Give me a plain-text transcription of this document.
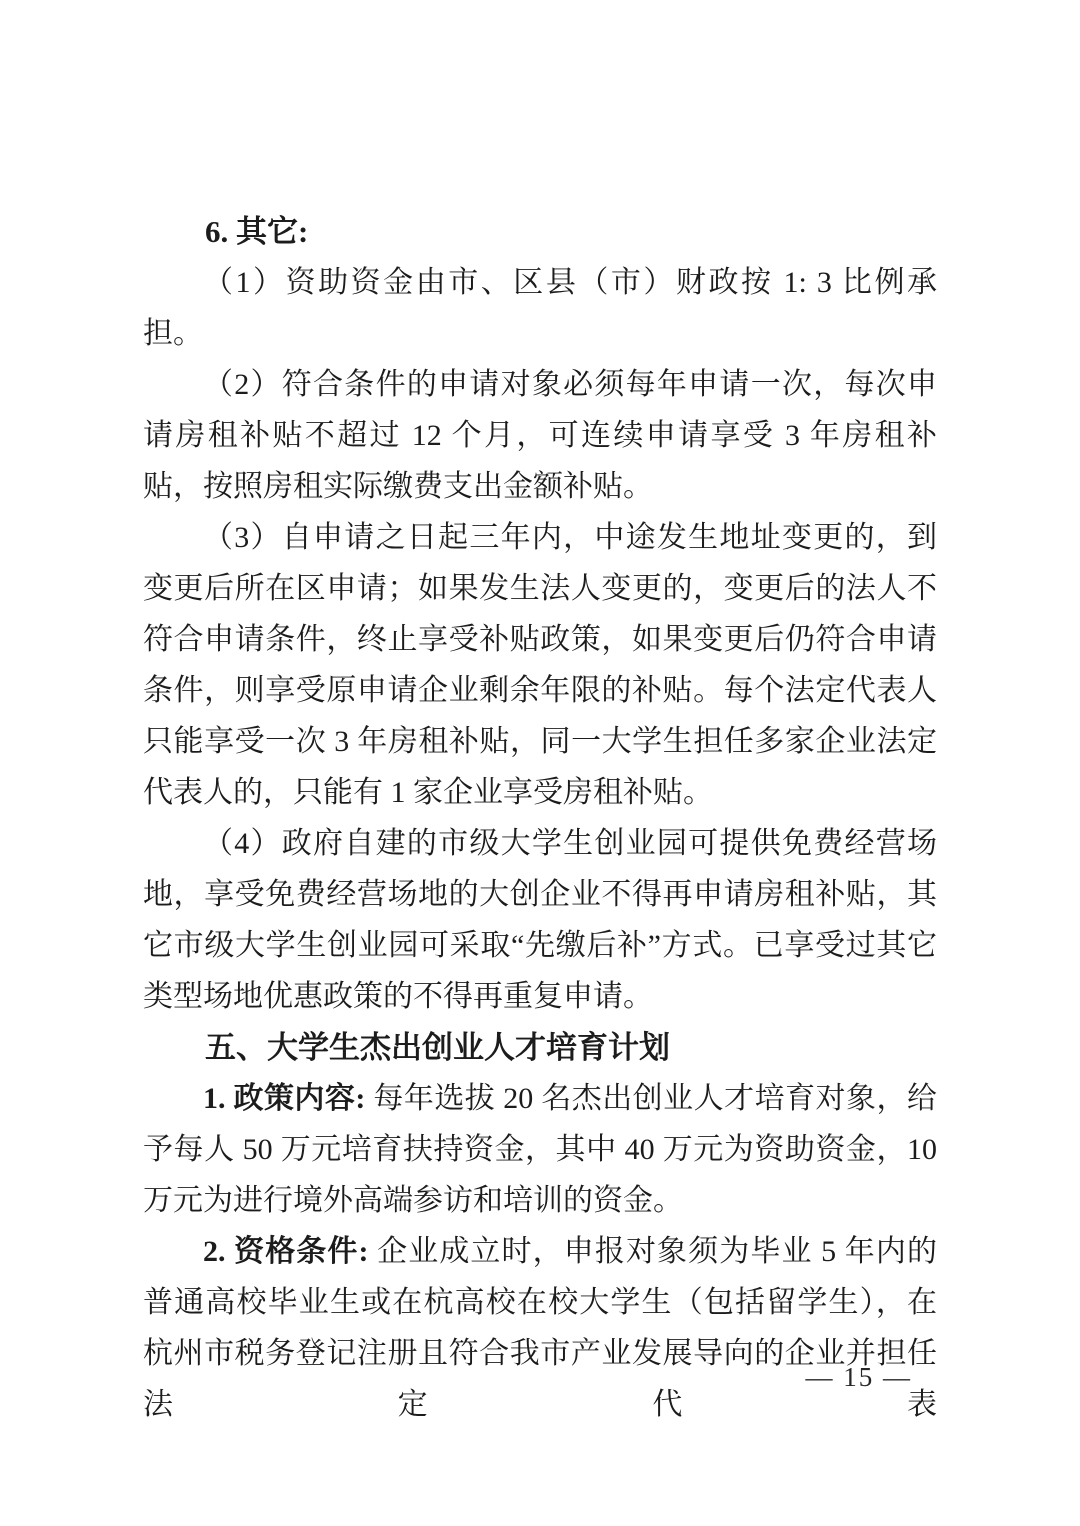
6. 其它:

（1）资助资金由市、区县（市）财政按 1: 3 比例承担。

（2）符合条件的申请对象必须每年申请一次，每次申请房租补贴不超过 12 个月，可连续申请享受 3 年房租补贴，按照房租实际缴费支出金额补贴。

（3）自申请之日起三年内，中途发生地址变更的，到变更后所在区申请；如果发生法人变更的，变更后的法人不符合申请条件，终止享受补贴政策，如果变更后仍符合申请条件，则享受原申请企业剩余年限的补贴。每个法定代表人只能享受一次 3 年房租补贴，同一大学生担任多家企业法定代表人的，只能有 1 家企业享受房租补贴。

（4）政府自建的市级大学生创业园可提供免费经营场地，享受免费经营场地的大创企业不得再申请房租补贴，其它市级大学生创业园可采取“先缴后补”方式。已享受过其它类型场地优惠政策的不得再重复申请。

五、大学生杰出创业人才培育计划

1. 政策内容: 每年选拔 20 名杰出创业人才培育对象，给予每人 50 万元培育扶持资金，其中 40 万元为资助资金，10 万元为进行境外高端参访和培训的资金。

2. 资格条件: 企业成立时，申报对象须为毕业 5 年内的普通高校毕业生或在杭高校在校大学生（包括留学生），在杭州市税务登记注册且符合我市产业发展导向的企业并担任法定代表

— 15 —
